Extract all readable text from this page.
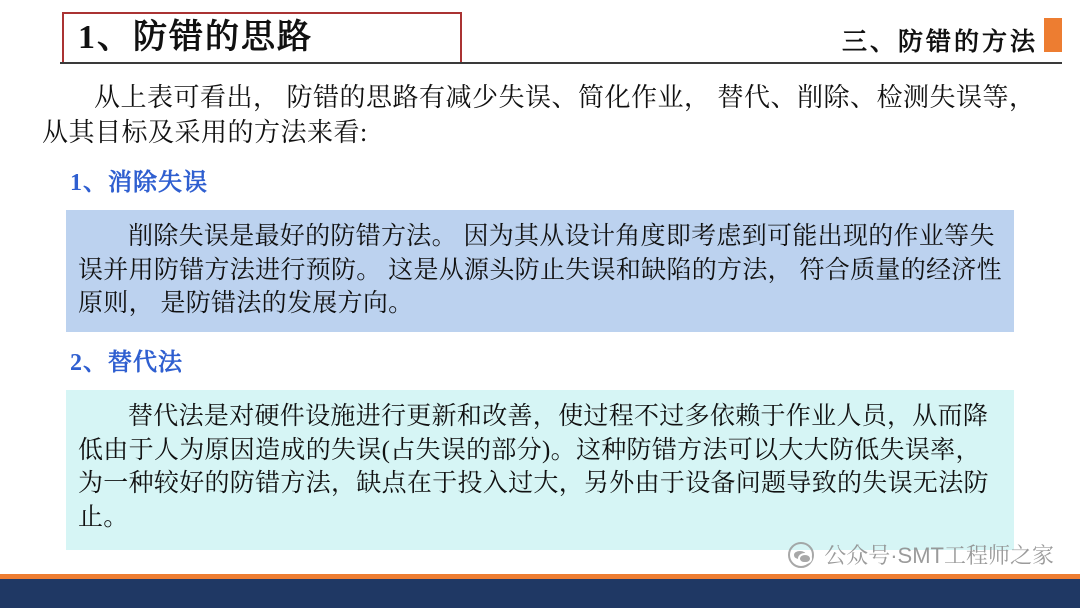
1、防错的思路	三、防错的方法
从上表可看出， 防错的思路有减少失误、简化作业， 替代、削除、检测失误等， 从其目标及采用的方法来看:
1、消除失误
削除失误是最好的防错方法。 因为其从设计角度即考虑到可能出现的作业等失误并用防错方法进行预防。 这是从源头防止失误和缺陷的方法， 符合质量的经济性原则， 是防错法的发展方向。
2、替代法
替代法是对硬件设施进行更新和改善，使过程不过多依赖于作业人员，从而降低由于人为原因造成的失误(占失误的部分)。这种防错方法可以大大防低失误率，为一种较好的防错方法，缺点在于投入过大，另外由于设备问题导致的失误无法防止。
公众号·SMT工程师之家
